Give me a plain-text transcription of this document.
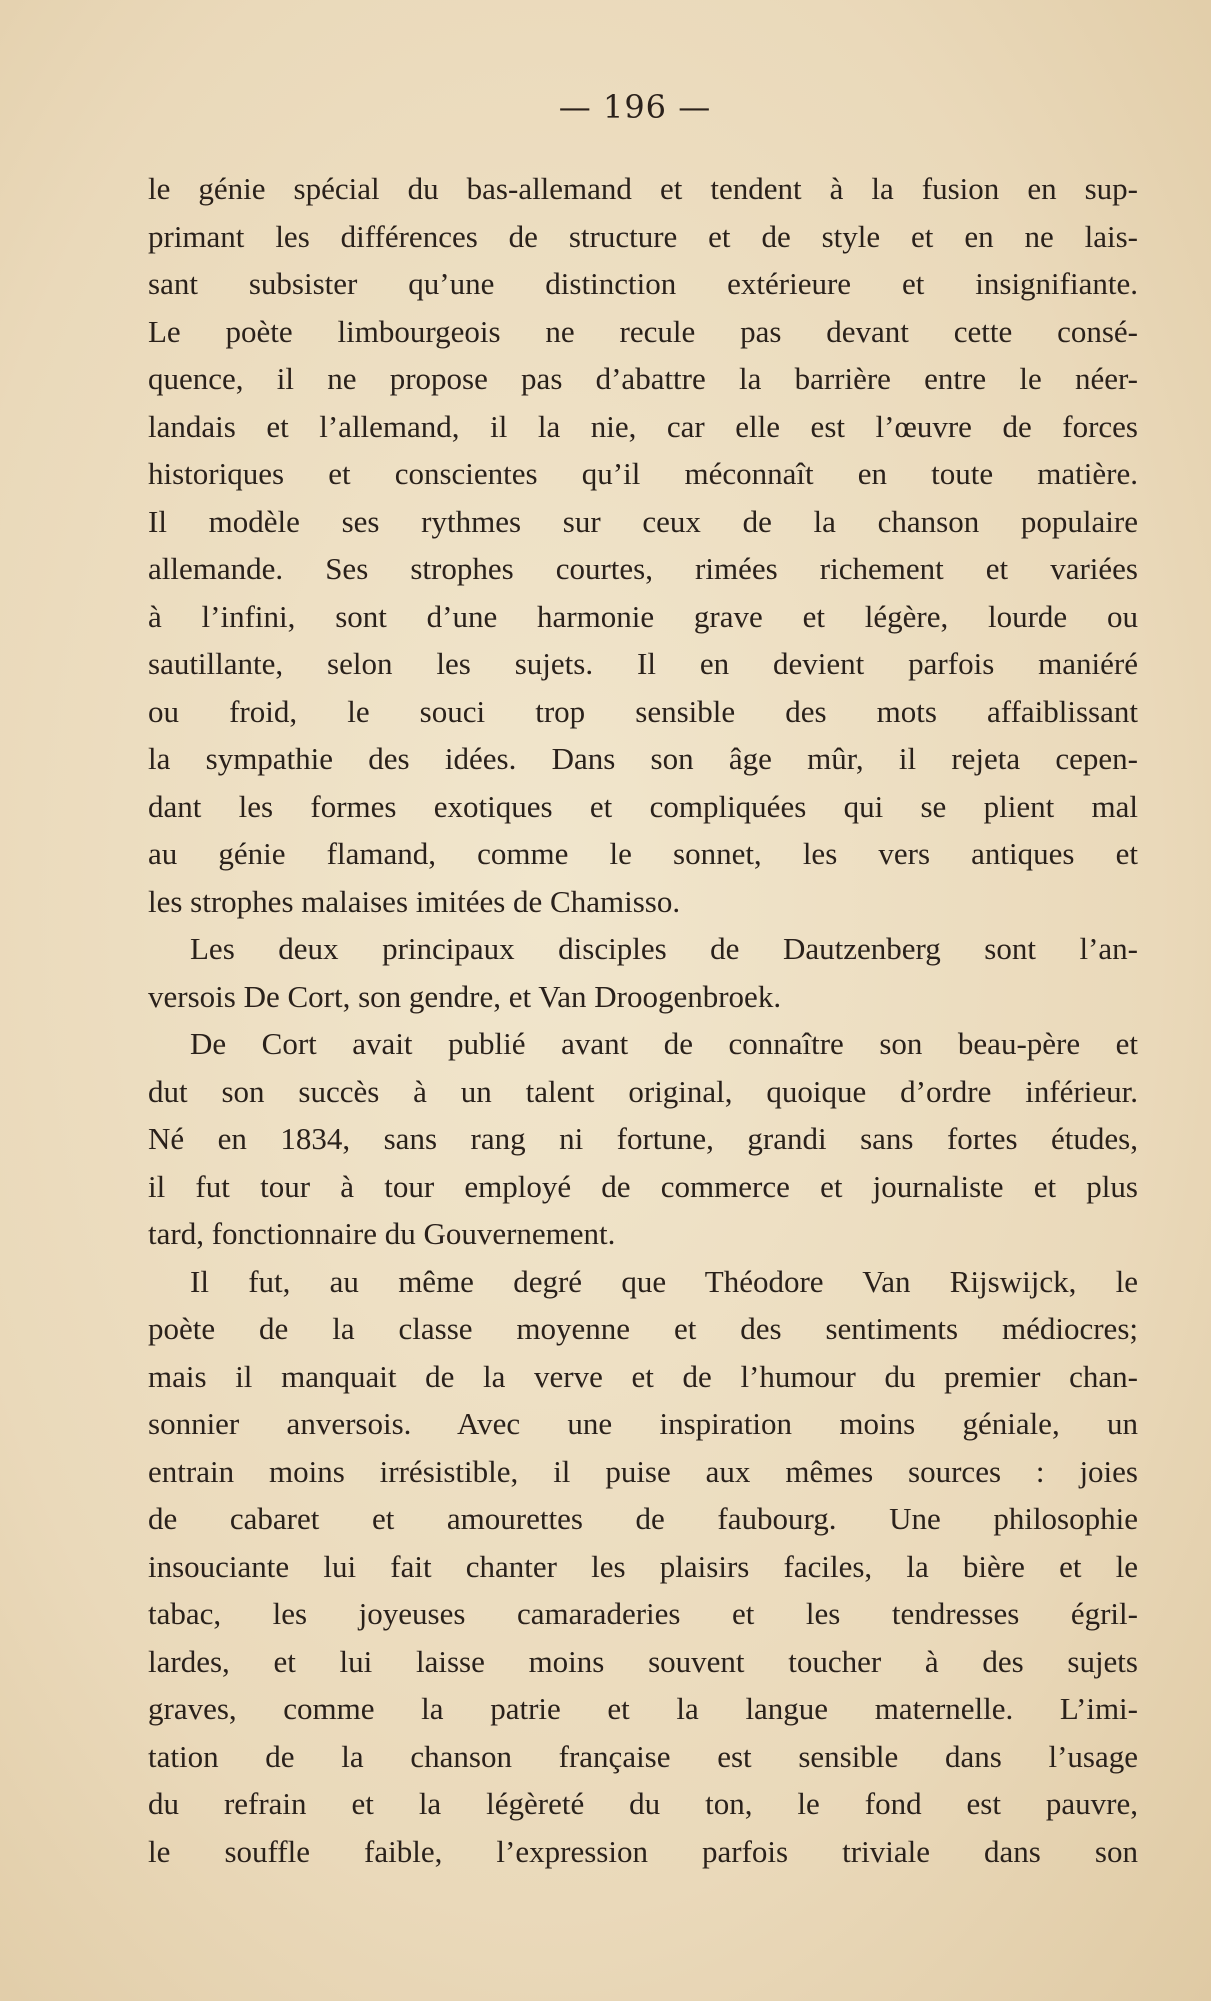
— 196 —
le génie spécial du bas-allemand et tendent à la fusion en sup-
primant les différences de structure et de style et en ne lais-
sant subsister qu’une distinction extérieure et insignifiante.
Le poète limbourgeois ne recule pas devant cette consé-
quence, il ne propose pas d’abattre la barrière entre le néer-
landais et l’allemand, il la nie, car elle est l’œuvre de forces
historiques et conscientes qu’il méconnaît en toute matière.
Il modèle ses rythmes sur ceux de la chanson populaire
allemande. Ses strophes courtes, rimées richement et variées
à l’infini, sont d’une harmonie grave et légère, lourde ou
sautillante, selon les sujets. Il en devient parfois maniéré
ou froid, le souci trop sensible des mots affaiblissant
la sympathie des idées. Dans son âge mûr, il rejeta cepen-
dant les formes exotiques et compliquées qui se plient mal
au génie flamand, comme le sonnet, les vers antiques et
les strophes malaises imitées de Chamisso.
Les deux principaux disciples de Dautzenberg sont l’an-
versois De Cort, son gendre, et Van Droogenbroek.
De Cort avait publié avant de connaître son beau-père et
dut son succès à un talent original, quoique d’ordre inférieur.
Né en 1834, sans rang ni fortune, grandi sans fortes études,
il fut tour à tour employé de commerce et journaliste et plus
tard, fonctionnaire du Gouvernement.
Il fut, au même degré que Théodore Van Rijswijck, le
poète de la classe moyenne et des sentiments médiocres;
mais il manquait de la verve et de l’humour du premier chan-
sonnier anversois. Avec une inspiration moins géniale, un
entrain moins irrésistible, il puise aux mêmes sources : joies
de cabaret et amourettes de faubourg. Une philosophie
insouciante lui fait chanter les plaisirs faciles, la bière et le
tabac, les joyeuses camaraderies et les tendresses égril-
lardes, et lui laisse moins souvent toucher à des sujets
graves, comme la patrie et la langue maternelle. L’imi-
tation de la chanson française est sensible dans l’usage
du refrain et la légèreté du ton, le fond est pauvre,
le souffle faible, l’expression parfois triviale dans son
